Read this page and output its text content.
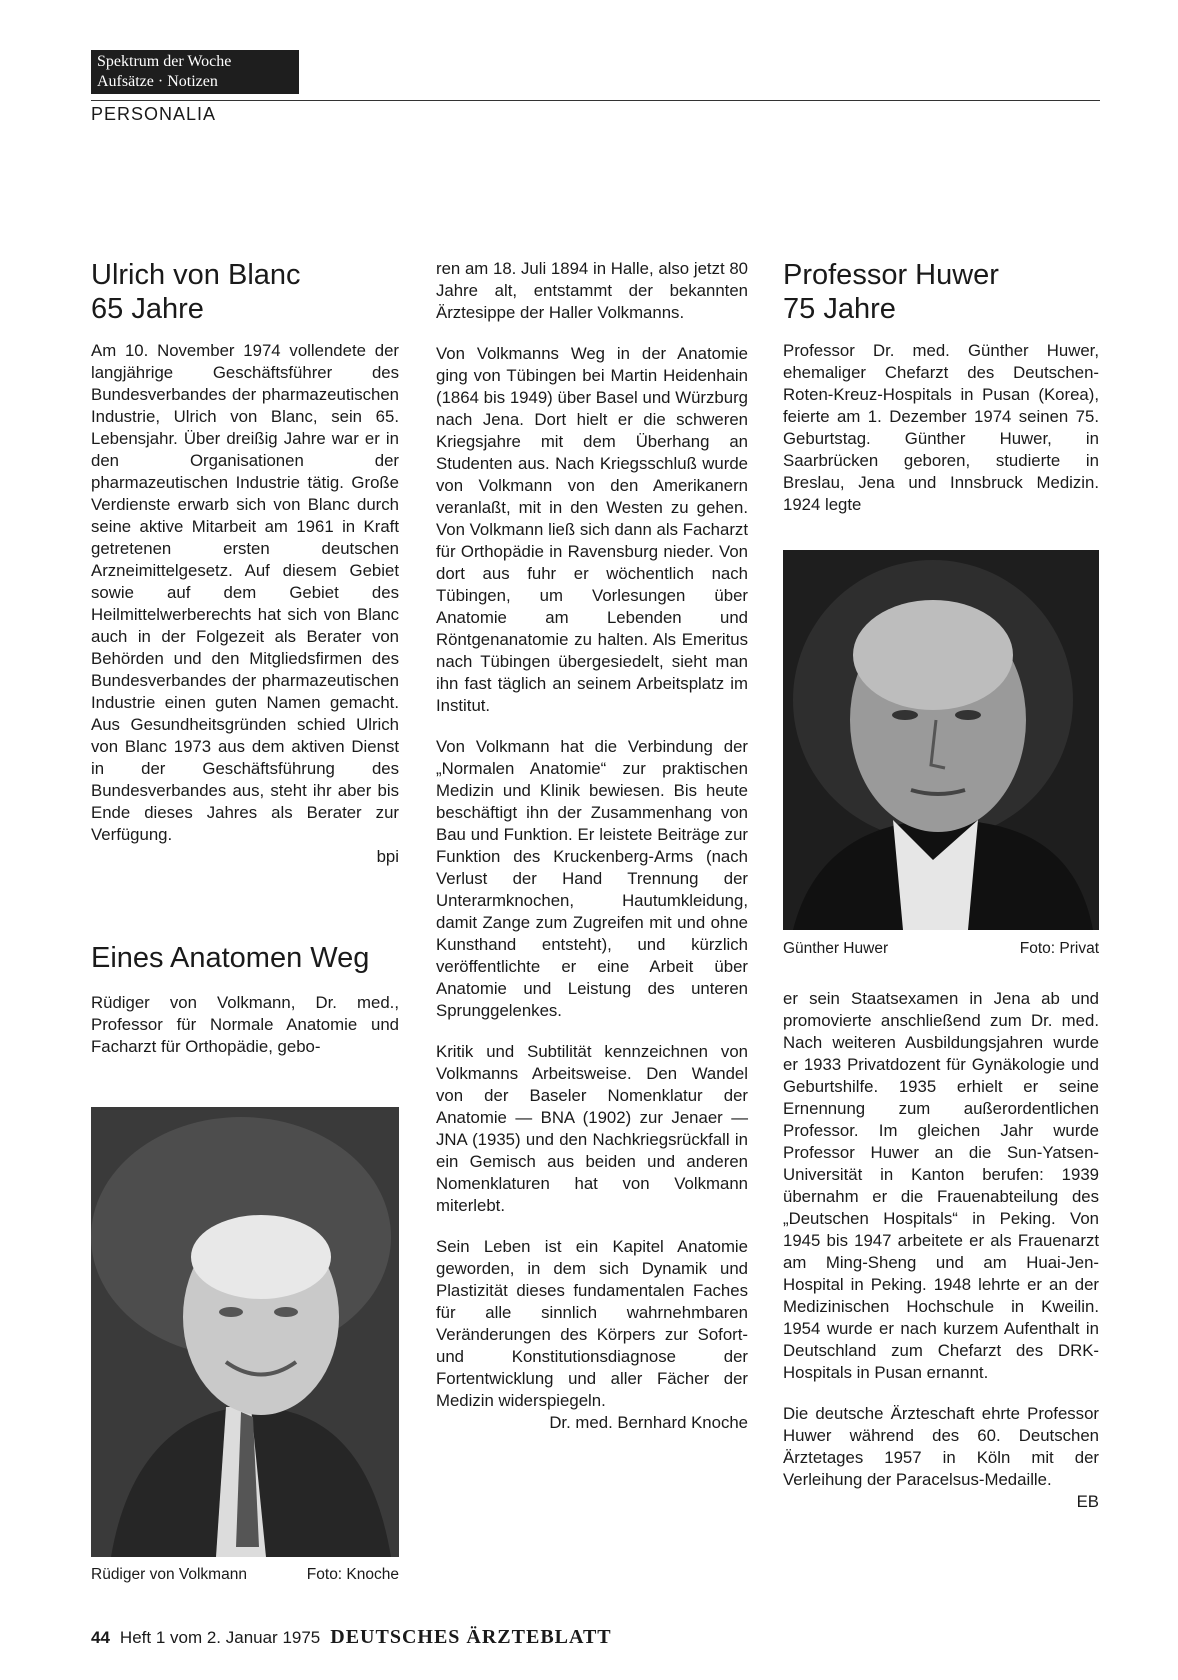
Spektrum der Woche
Aufsätze · Notizen
PERSONALIA
Ulrich von Blanc
65 Jahre

Am 10. November 1974 vollendete der langjährige Geschäftsführer des Bundesverbandes der pharmazeutischen Industrie, Ulrich von Blanc, sein 65. Lebensjahr. Über dreißig Jahre war er in den Organisationen der pharmazeutischen Industrie tätig. Große Verdienste erwarb sich von Blanc durch seine aktive Mitarbeit am 1961 in Kraft getretenen ersten deutschen Arzneimittelgesetz. Auf diesem Gebiet sowie auf dem Gebiet des Heilmittelwerberechts hat sich von Blanc auch in der Folgezeit als Berater von Behörden und den Mitgliedsfirmen des Bundesverbandes der pharmazeutischen Industrie einen guten Namen gemacht. Aus Gesundheitsgründen schied Ulrich von Blanc 1973 aus dem aktiven Dienst in der Geschäftsführung des Bundesverbandes aus, steht ihr aber bis Ende dieses Jahres als Berater zur Verfügung.

bpi
Eines Anatomen Weg

Rüdiger von Volkmann, Dr. med., Professor für Normale Anatomie und Facharzt für Orthopädie, gebo-

Rüdiger von Volkmann	Foto: Knoche

ren am 18. Juli 1894 in Halle, also jetzt 80 Jahre alt, entstammt der bekannten Ärztesippe der Haller Volkmanns.

Von Volkmanns Weg in der Anatomie ging von Tübingen bei Martin Heidenhain (1864 bis 1949) über Basel und Würzburg nach Jena. Dort hielt er die schweren Kriegsjahre mit dem Überhang an Studenten aus. Nach Kriegsschluß wurde von Volkmann von den Amerikanern veranlaßt, mit in den Westen zu gehen. Von Volkmann ließ sich dann als Facharzt für Orthopädie in Ravensburg nieder. Von dort aus fuhr er wöchentlich nach Tübingen, um Vorlesungen über Anatomie am Lebenden und Röntgenanatomie zu halten. Als Emeritus nach Tübingen übergesiedelt, sieht man ihn fast täglich an seinem Arbeitsplatz im Institut.

Von Volkmann hat die Verbindung der „Normalen Anatomie“ zur praktischen Medizin und Klinik bewiesen. Bis heute beschäftigt ihn der Zusammenhang von Bau und Funktion. Er leistete Beiträge zur Funktion des Kruckenberg-Arms (nach Verlust der Hand Trennung der Unterarmknochen, Hautumkleidung, damit Zange zum Zugreifen mit und ohne Kunsthand entsteht), und kürzlich veröffentlichte er eine Arbeit über Anatomie und Leistung des unteren Sprunggelenkes.

Kritik und Subtilität kennzeichnen von Volkmanns Arbeitsweise. Den Wandel von der Baseler Nomenklatur der Anatomie — BNA (1902) zur Jenaer — JNA (1935) und den Nachkriegsrückfall in ein Gemisch aus beiden und anderen Nomenklaturen hat von Volkmann miterlebt.

Sein Leben ist ein Kapitel Anatomie geworden, in dem sich Dynamik und Plastizität dieses fundamentalen Faches für alle sinnlich wahrnehmbaren Veränderungen des Körpers zur Sofort- und Konstitutionsdiagnose der Fortentwicklung und aller Fächer der Medizin widerspiegeln.

Dr. med. Bernhard Knoche
Professor Huwer
75 Jahre

Professor Dr. med. Günther Huwer, ehemaliger Chefarzt des Deutschen-Roten-Kreuz-Hospitals in Pusan (Korea), feierte am 1. Dezember 1974 seinen 75. Geburtstag. Günther Huwer, in Saarbrücken geboren, studierte in Breslau, Jena und Innsbruck Medizin. 1924 legte

Günther Huwer	Foto: Privat

er sein Staatsexamen in Jena ab und promovierte anschließend zum Dr. med. Nach weiteren Ausbildungsjahren wurde er 1933 Privatdozent für Gynäkologie und Geburtshilfe. 1935 erhielt er seine Ernennung zum außerordentlichen Professor. Im gleichen Jahr wurde Professor Huwer an die Sun-Yatsen-Universität in Kanton berufen: 1939 übernahm er die Frauenabteilung des „Deutschen Hospitals“ in Peking. Von 1945 bis 1947 arbeitete er als Frauenarzt am Ming-Sheng und am Huai-Jen-Hospital in Peking. 1948 lehrte er an der Medizinischen Hochschule in Kweilin. 1954 wurde er nach kurzem Aufenthalt in Deutschland zum Chefarzt des DRK-Hospitals in Pusan ernannt.

Die deutsche Ärzteschaft ehrte Professor Huwer während des 60. Deutschen Ärztetages 1957 in Köln mit der Verleihung der Paracelsus-Medaille.

EB
44 Heft 1 vom 2. Januar 1975 DEUTSCHES ÄRZTEBLATT
